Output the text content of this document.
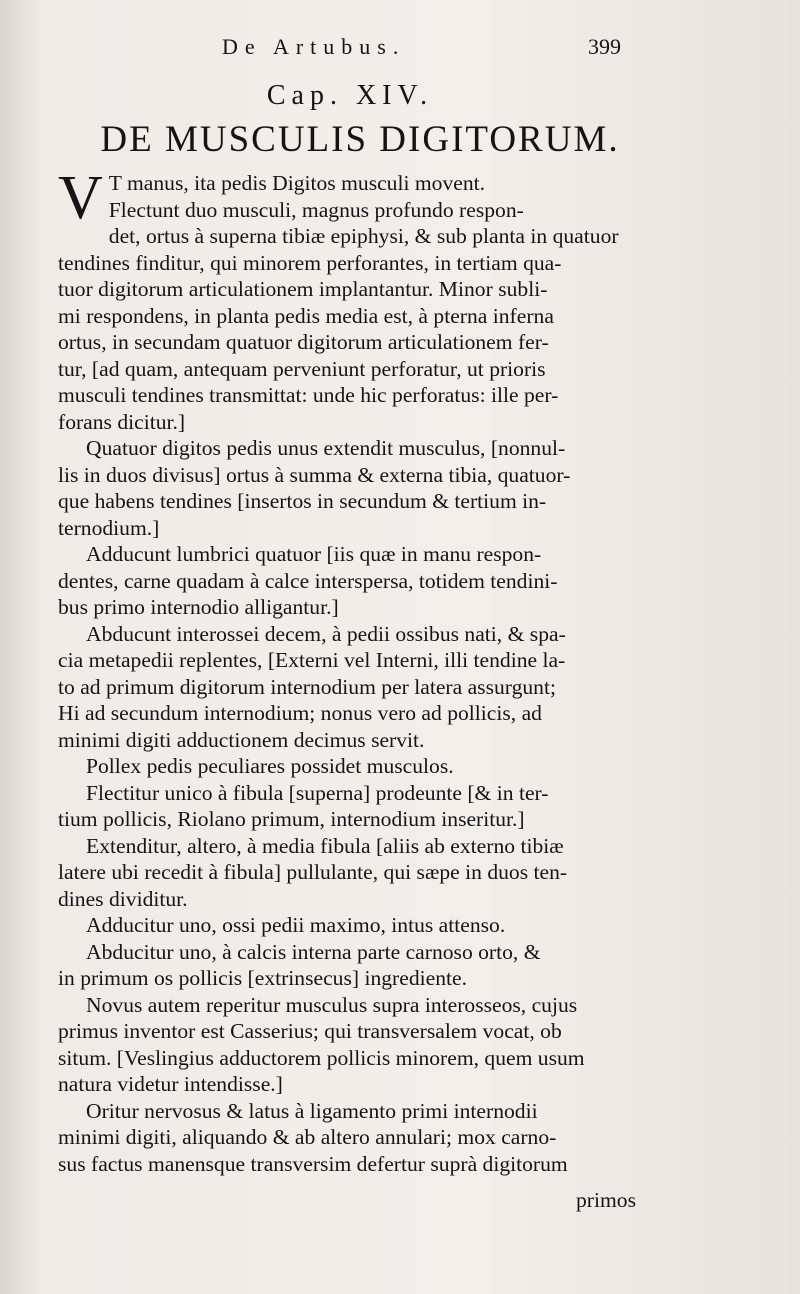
De Artubus.	399
Cap. XIV.
DE MUSCULIS DIGITORUM.
V T manus, ita pedis Digitos musculi movent.
Flectunt duo musculi, magnus profundo respon-
det, ortus à superna tibiæ epiphysi, & sub planta in quatuor
tendines finditur, qui minorem perforantes, in tertiam qua-
tuor digitorum articulationem implantantur. Minor subli-
mi respondens, in planta pedis media est, à pterna inferna
ortus, in secundam quatuor digitorum articulationem fer-
tur, [ad quam, antequam perveniunt perforatur, ut prioris
musculi tendines transmittat: unde hic perforatus: ille per-
forans dicitur.]
Quatuor digitos pedis unus extendit musculus, [nonnul-
lis in duos divisus] ortus à summa & externa tibia, quatuor-
que habens tendines [insertos in secundum & tertium in-
ternodium.]
Adducunt lumbrici quatuor [iis quæ in manu respon-
dentes, carne quadam à calce interspersa, totidem tendini-
bus primo internodio alligantur.]
Abducunt interossei decem, à pedii ossibus nati, & spa-
cia metapedii replentes, [Externi vel Interni, illi tendine la-
to ad primum digitorum internodium per latera assurgunt;
Hi ad secundum internodium; nonus vero ad pollicis, ad
minimi digiti adductionem decimus servit.
Pollex pedis peculiares possidet musculos.
Flectitur unico à fibula [superna] prodeunte [& in ter-
tium pollicis, Riolano primum, internodium inseritur.]
Extenditur, altero, à media fibula [aliis ab externo tibiæ
latere ubi recedit à fibula] pullulante, qui sæpe in duos ten-
dines dividitur.
Adducitur uno, ossi pedii maximo, intus attenso.
Abducitur uno, à calcis interna parte carnoso orto, &
in primum os pollicis [extrinsecus] ingrediente.
Novus autem reperitur musculus supra interosseos, cujus
primus inventor est Casserius; qui transversalem vocat, ob
situm. [Veslingius adductorem pollicis minorem, quem usum
natura videtur intendisse.]
Oritur nervosus & latus à ligamento primi internodii
minimi digiti, aliquando & ab altero annulari; mox carno-
sus factus manensque transversim defertur suprà digitorum
primos
